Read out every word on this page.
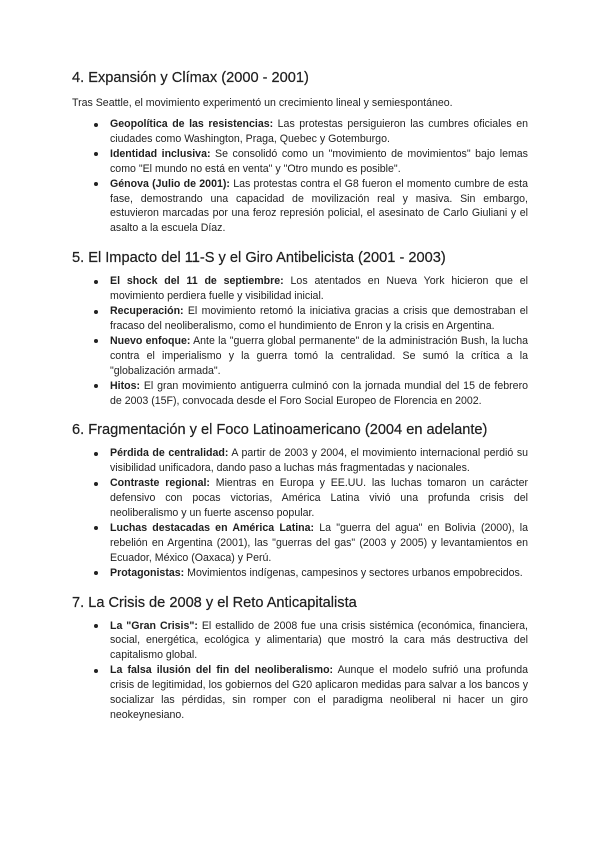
4. Expansión y Clímax (2000 - 2001)

Tras Seattle, el movimiento experimentó un crecimiento lineal y semiespontáneo.

Geopolítica de las resistencias: Las protestas persiguieron las cumbres oficiales en ciudades como Washington, Praga, Quebec y Gotemburgo.
Identidad inclusiva: Se consolidó como un "movimiento de movimientos" bajo lemas como "El mundo no está en venta" y "Otro mundo es posible".
Génova (Julio de 2001): Las protestas contra el G8 fueron el momento cumbre de esta fase, demostrando una capacidad de movilización real y masiva. Sin embargo, estuvieron marcadas por una feroz represión policial, el asesinato de Carlo Giuliani y el asalto a la escuela Díaz.
5. El Impacto del 11-S y el Giro Antibelicista (2001 - 2003)
El shock del 11 de septiembre: Los atentados en Nueva York hicieron que el movimiento perdiera fuelle y visibilidad inicial.
Recuperación: El movimiento retomó la iniciativa gracias a crisis que demostraban el fracaso del neoliberalismo, como el hundimiento de Enron y la crisis en Argentina.
Nuevo enfoque: Ante la "guerra global permanente" de la administración Bush, la lucha contra el imperialismo y la guerra tomó la centralidad. Se sumó la crítica a la "globalización armada".
Hitos: El gran movimiento antiguerra culminó con la jornada mundial del 15 de febrero de 2003 (15F), convocada desde el Foro Social Europeo de Florencia en 2002.
6. Fragmentación y el Foco Latinoamericano (2004 en adelante)
Pérdida de centralidad: A partir de 2003 y 2004, el movimiento internacional perdió su visibilidad unificadora, dando paso a luchas más fragmentadas y nacionales.
Contraste regional: Mientras en Europa y EE.UU. las luchas tomaron un carácter defensivo con pocas victorias, América Latina vivió una profunda crisis del neoliberalismo y un fuerte ascenso popular.
Luchas destacadas en América Latina: La "guerra del agua" en Bolivia (2000), la rebelión en Argentina (2001), las "guerras del gas" (2003 y 2005) y levantamientos en Ecuador, México (Oaxaca) y Perú.
Protagonistas: Movimientos indígenas, campesinos y sectores urbanos empobrecidos.
7. La Crisis de 2008 y el Reto Anticapitalista
La "Gran Crisis": El estallido de 2008 fue una crisis sistémica (económica, financiera, social, energética, ecológica y alimentaria) que mostró la cara más destructiva del capitalismo global.
La falsa ilusión del fin del neoliberalismo: Aunque el modelo sufrió una profunda crisis de legitimidad, los gobiernos del G20 aplicaron medidas para salvar a los bancos y socializar las pérdidas, sin romper con el paradigma neoliberal ni hacer un giro neokeynesiano.
